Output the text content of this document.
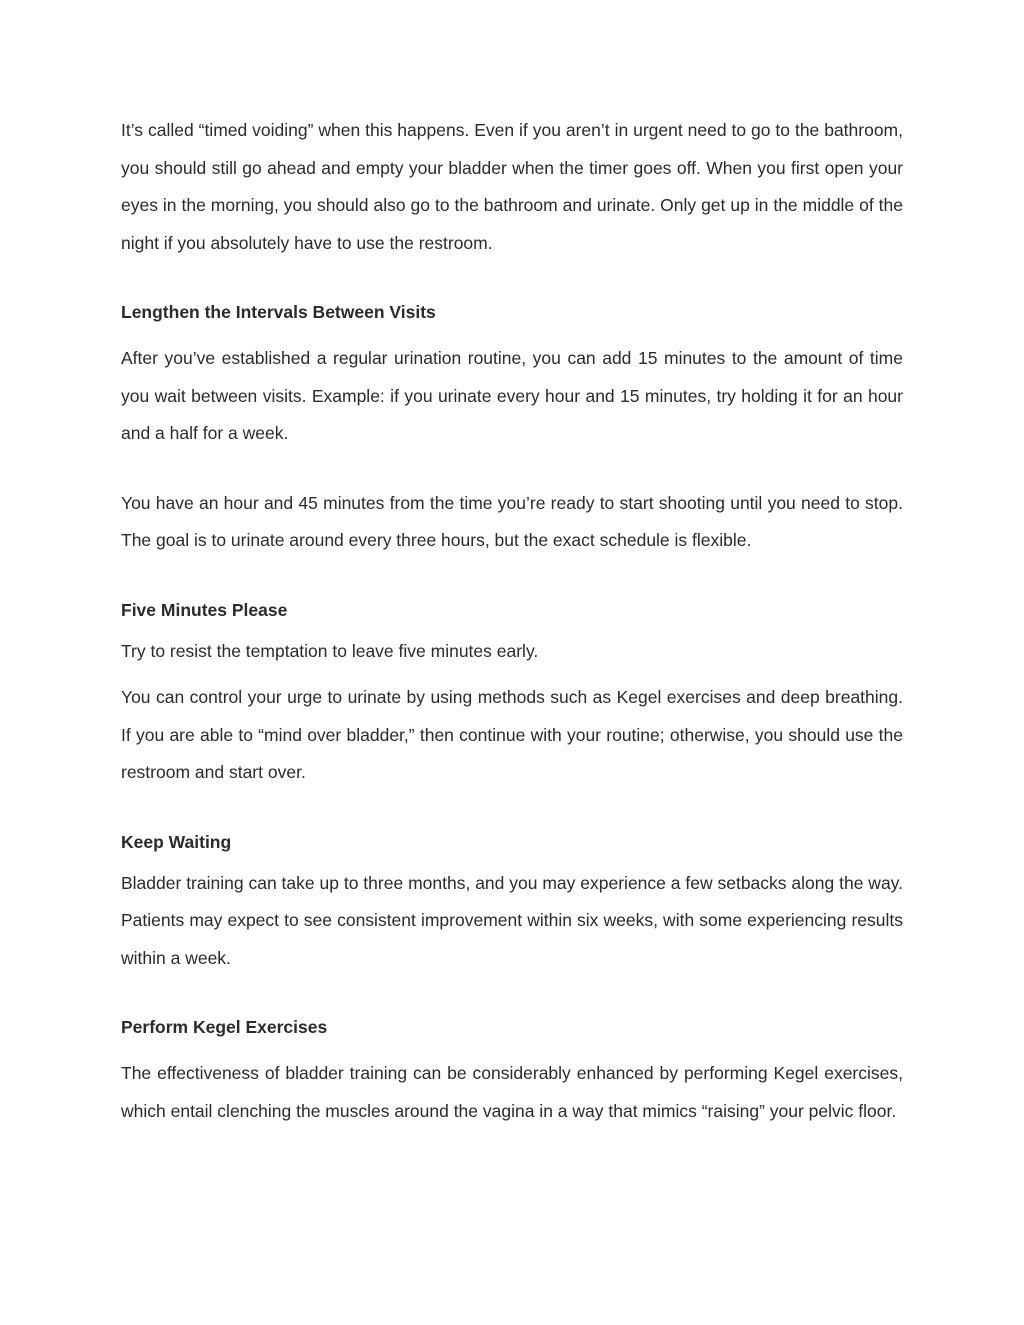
It’s called “timed voiding” when this happens. Even if you aren’t in urgent need to go to the bathroom, you should still go ahead and empty your bladder when the timer goes off. When you first open your eyes in the morning, you should also go to the bathroom and urinate. Only get up in the middle of the night if you absolutely have to use the restroom.

Lengthen the Intervals Between Visits

After you’ve established a regular urination routine, you can add 15 minutes to the amount of time you wait between visits. Example: if you urinate every hour and 15 minutes, try holding it for an hour and a half for a week.

You have an hour and 45 minutes from the time you’re ready to start shooting until you need to stop. The goal is to urinate around every three hours, but the exact schedule is flexible.

Five Minutes Please

Try to resist the temptation to leave five minutes early.

You can control your urge to urinate by using methods such as Kegel exercises and deep breathing. If you are able to “mind over bladder,” then continue with your routine; otherwise, you should use the restroom and start over.

Keep Waiting

Bladder training can take up to three months, and you may experience a few setbacks along the way. Patients may expect to see consistent improvement within six weeks, with some experiencing results within a week.

Perform Kegel Exercises

The effectiveness of bladder training can be considerably enhanced by performing Kegel exercises, which entail clenching the muscles around the vagina in a way that mimics “raising” your pelvic floor.
